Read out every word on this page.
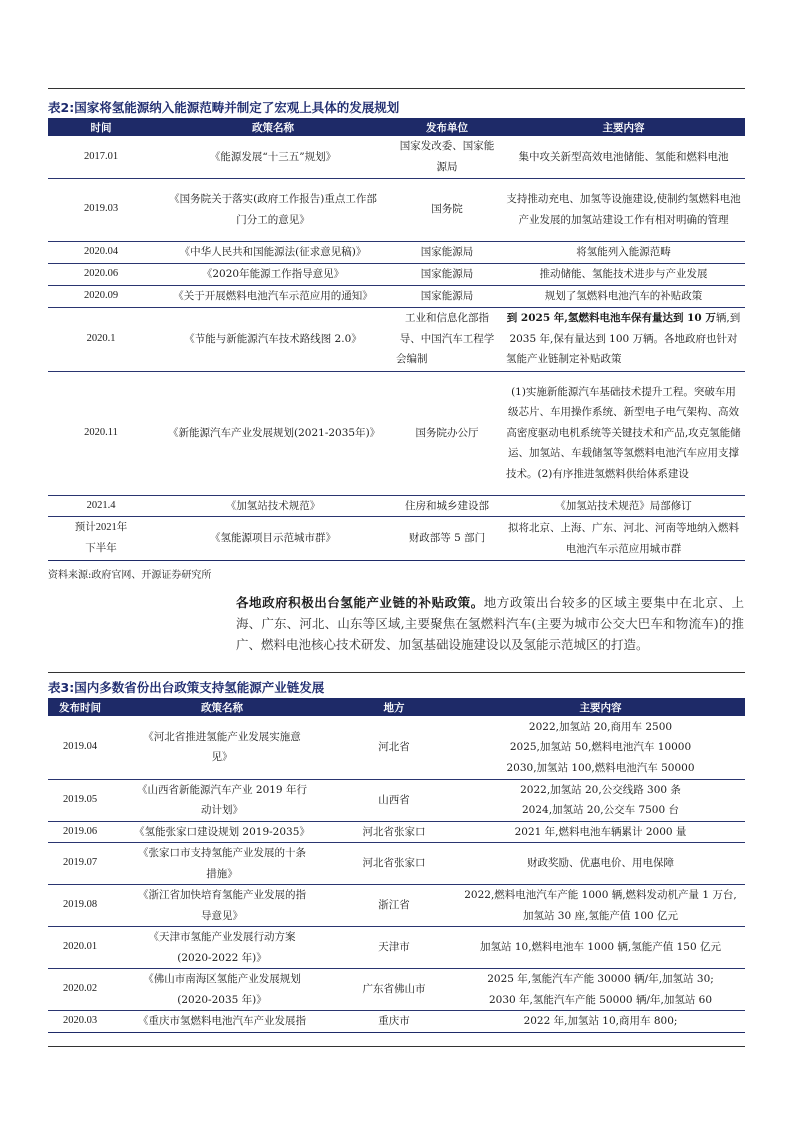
表2:国家将氢能源纳入能源范畴并制定了宏观上具体的发展规划
时间	政策名称	发布单位	主要内容
2017.01	《能源发展“十三五”规划》	国家发改委、国家能源局	集中攻关新型高效电池储能、氢能和燃料电池
2019.03	《国务院关于落实(政府工作报告)重点工作部门分工的意见》	国务院	支持推动充电、加氢等设施建设,使制约氢燃料电池产业发展的加氢站建设工作有相对明确的管理
2020.04	《中华人民共和国能源法(征求意见稿)》	国家能源局	将氢能列入能源范畴
2020.06	《2020年能源工作指导意见》	国家能源局	推动储能、氢能技术进步与产业发展
2020.09	《关于开展燃料电池汽车示范应用的通知》	国家能源局	规划了氢燃料电池汽车的补贴政策
2020.1	《节能与新能源汽车技术路线图 2.0》	工业和信息化部指导、中国汽车工程学会编制	到 2025 年,氢燃料电池车保有量达到 10 万辆,到 2035 年,保有量达到 100 万辆。各地政府也针对氢能产业链制定补贴政策
2020.11	《新能源汽车产业发展规划(2021-2035年)》	国务院办公厅	(1)实施新能源汽车基础技术提升工程。突破车用级芯片、车用操作系统、新型电子电气架构、高效高密度驱动电机系统等关键技术和产品,攻克氢能储运、加氢站、车载储氢等氢燃料电池汽车应用支撑技术。(2)有序推进氢燃料供给体系建设
2021.4	《加氢站技术规范》	住房和城乡建设部	《加氢站技术规范》局部修订
预计2021年下半年	《氢能源项目示范城市群》	财政部等 5 部门	拟将北京、上海、广东、河北、河南等地纳入燃料电池汽车示范应用城市群
资料来源:政府官网、开源证券研究所
各地政府积极出台氢能产业链的补贴政策。地方政策出台较多的区域主要集中在北京、上海、广东、河北、山东等区域,主要聚焦在氢燃料汽车(主要为城市公交大巴车和物流车)的推广、燃料电池核心技术研发、加氢基础设施建设以及氢能示范城区的打造。
表3:国内多数省份出台政策支持氢能源产业链发展
发布时间	政策名称	地方	主要内容
2019.04	《河北省推进氢能产业发展实施意见》	河北省	2022,加氢站 20,商用车 2500
2025,加氢站 50,燃料电池汽车 10000
2030,加氢站 100,燃料电池汽车 50000

2019.05	《山西省新能源汽车产业 2019 年行动计划》	山西省	2022,加氢站 20,公交线路 300 条
2024,加氢站 20,公交车 7500 台

2019.06	《氢能张家口建设规划 2019-2035》	河北省张家口	2021 年,燃料电池车辆累计 2000 量

2019.07	《张家口市支持氢能产业发展的十条措施》	河北省张家口	财政奖励、优惠电价、用电保障

2019.08	《浙江省加快培育氢能产业发展的指导意见》	浙江省	2022,燃料电池汽车产能 1000 辆,燃料发动机产量 1 万台,加氢站 30 座,氢能产值 100 亿元

2020.01	《天津市氢能产业发展行动方案(2020-2022 年)》	天津市	加氢站 10,燃料电池车 1000 辆,氢能产值 150 亿元

2020.02	《佛山市南海区氢能产业发展规划(2020-2035 年)》	广东省佛山市	2025 年,氢能汽车产能 30000 辆/年,加氢站 30;
2030 年,氢能汽车产能 50000 辆/年,加氢站 60

2020.03	《重庆市氢燃料电池汽车产业发展指	重庆市	2022 年,加氢站 10,商用车 800;
